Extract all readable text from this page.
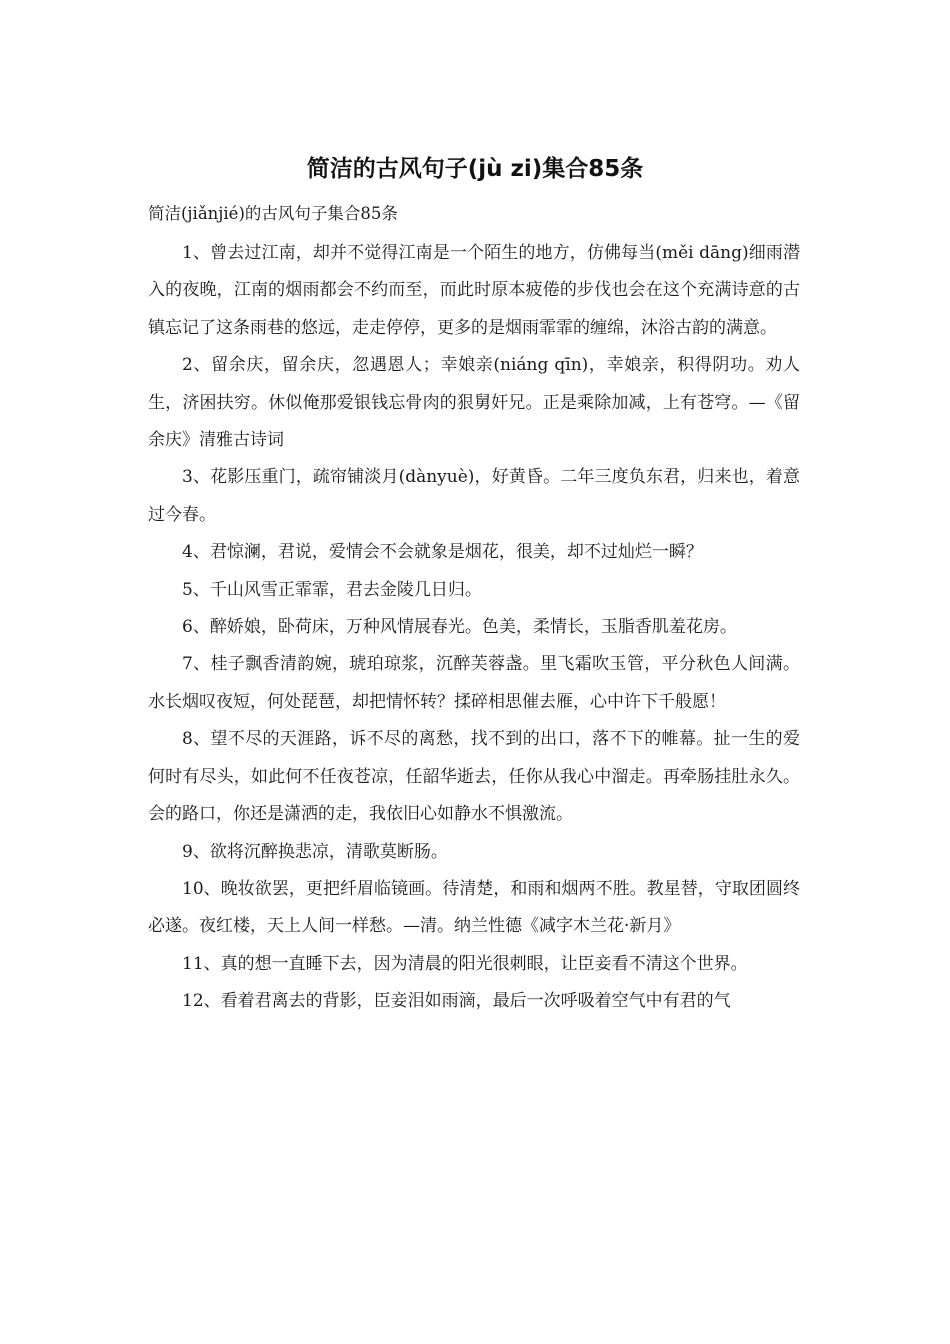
简洁的古风句子(jù zi)集合85条
简洁(jiǎnjié)的古风句子集合85条

1、曾去过江南，却并不觉得江南是一个陌生的地方，仿佛每当(měi dāng)细雨潜入的夜晚，江南的烟雨都会不约而至，而此时原本疲倦的步伐也会在这个充满诗意的古镇忘记了这条雨巷的悠远，走走停停，更多的是烟雨霏霏的缠绵，沐浴古韵的满意。

2、留余庆，留余庆，忽遇恩人；幸娘亲(niáng qīn)，幸娘亲，积得阴功。劝人生，济困扶穷。休似俺那爱银钱忘骨肉的狠舅奸兄。正是乘除加减，上有苍穹。—《留余庆》清雅古诗词

3、花影压重门，疏帘铺淡月(dànyuè)，好黄昏。二年三度负东君，归来也，着意过今春。

4、君惊澜，君说，爱情会不会就象是烟花，很美，却不过灿烂一瞬？

5、千山风雪正霏霏，君去金陵几日归。

6、醉娇娘，卧荷床，万种风情展春光。色美，柔情长，玉脂香肌羞花房。

7、桂子飘香清韵婉，琥珀琼浆，沉醉芙蓉盏。里飞霜吹玉管，平分秋色人间满。水长烟叹夜短，何处琵琶，却把情怀转？揉碎相思催去雁，心中许下千般愿！

8、望不尽的天涯路，诉不尽的离愁，找不到的出口，落不下的帷幕。扯一生的爱何时有尽头，如此何不任夜苍凉，任韶华逝去，任你从我心中溜走。再牵肠挂肚永久。会的路口，你还是潇洒的走，我依旧心如静水不惧激流。

9、欲将沉醉换悲凉，清歌莫断肠。

10、晚妆欲罢，更把纤眉临镜画。待清楚，和雨和烟两不胜。教星替，守取团圆终必遂。夜红楼，天上人间一样愁。—清。纳兰性德《减字木兰花·新月》

11、真的想一直睡下去，因为清晨的阳光很刺眼，让臣妾看不清这个世界。

12、看着君离去的背影，臣妾泪如雨滴，最后一次呼吸着空气中有君的气
